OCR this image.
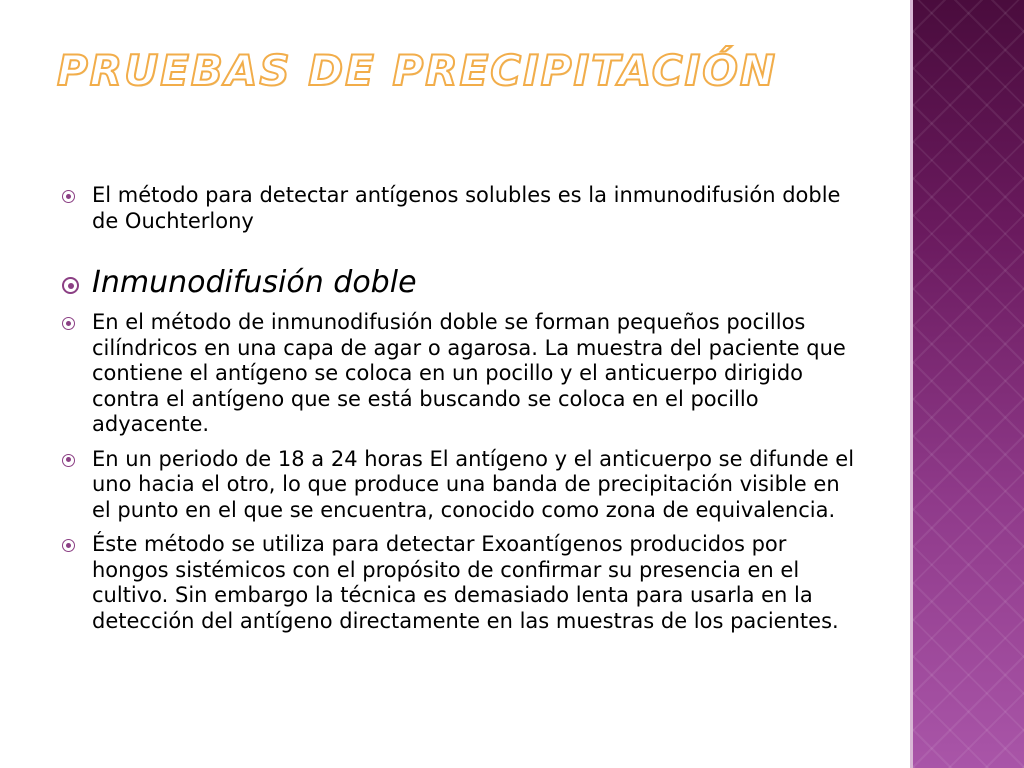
PRUEBAS DE PRECIPITACIÓN
El método para detectar antígenos solubles es la inmunodifusión doble de Ouchterlony
Inmunodifusión doble
En el método de inmunodifusión doble se forman pequeños pocillos cilíndricos en una capa de agar o agarosa. La muestra del paciente que contiene el antígeno se coloca en un pocillo y el anticuerpo dirigido contra el antígeno que se está buscando se coloca en el pocillo adyacente.
En un periodo de 18 a 24 horas El antígeno y el anticuerpo se difunde el uno hacia el otro, lo que produce una banda de precipitación visible en el punto en el que se encuentra, conocido como zona de equivalencia.
Éste método se utiliza para detectar Exoantígenos producidos por hongos sistémicos con el propósito de confirmar su presencia en el cultivo. Sin embargo la técnica es demasiado lenta para usarla en la detección del antígeno directamente en las muestras de los pacientes.
